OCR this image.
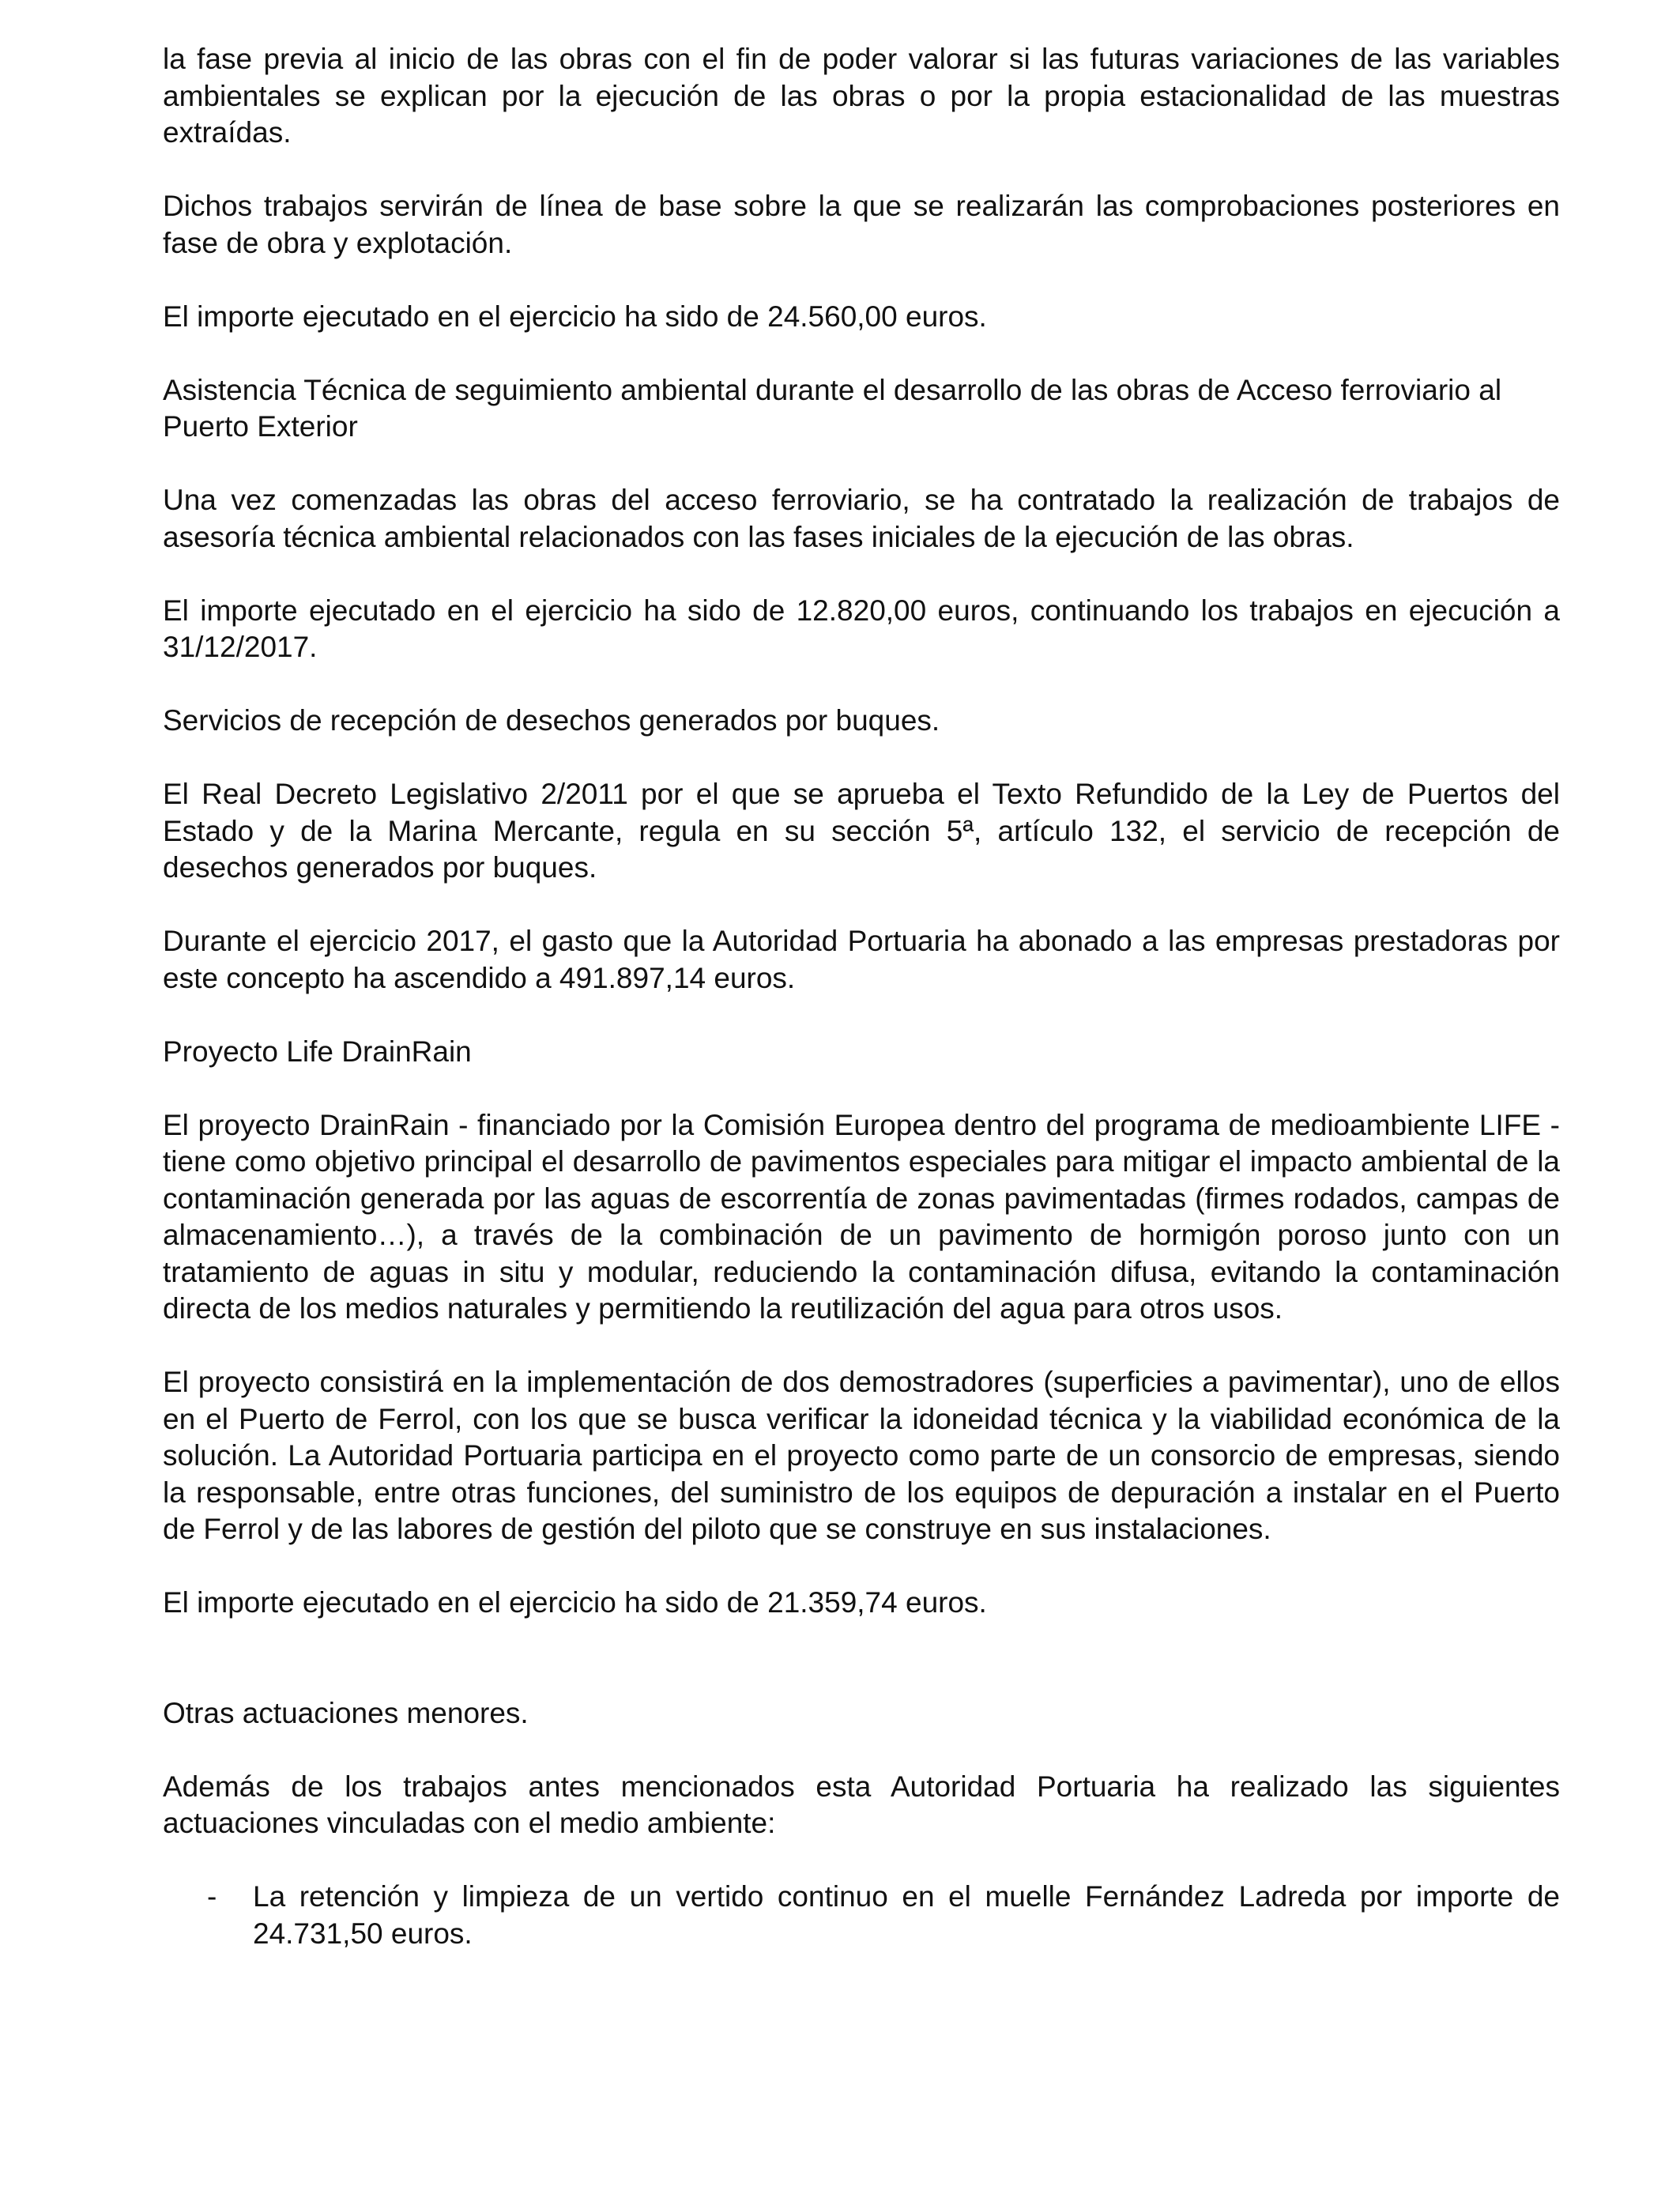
la fase previa al inicio de las obras con el fin de poder valorar si las futuras variaciones de las variables ambientales se explican por la ejecución de las obras o por la propia estacionalidad de las muestras extraídas.

Dichos trabajos servirán de línea de base sobre la que se realizarán las comprobaciones posteriores en fase de obra y explotación.

El importe ejecutado en el ejercicio ha sido de 24.560,00 euros.

Asistencia Técnica de seguimiento ambiental durante el desarrollo de las obras de Acceso ferroviario al Puerto Exterior

Una vez comenzadas las obras del acceso ferroviario, se ha contratado la realización de trabajos de asesoría técnica ambiental relacionados con las fases iniciales de la ejecución de las obras.

El importe ejecutado en el ejercicio ha sido de 12.820,00 euros, continuando los trabajos en ejecución a 31/12/2017.

Servicios de recepción de desechos generados por buques.

El Real Decreto Legislativo 2/2011 por el que se aprueba el Texto Refundido de la Ley de Puertos del Estado y de la Marina Mercante, regula en su sección 5ª, artículo 132, el servicio de recepción de desechos generados por buques.

Durante el ejercicio 2017, el gasto que la Autoridad Portuaria ha abonado a las empresas prestadoras por este concepto ha ascendido a 491.897,14 euros.

Proyecto Life DrainRain

El proyecto DrainRain - financiado por la Comisión Europea dentro del programa de medioambiente LIFE - tiene como objetivo principal el desarrollo de pavimentos especiales para mitigar el impacto ambiental de la contaminación generada por las aguas de escorrentía de zonas pavimentadas (firmes rodados, campas de almacenamiento…), a través de la combinación de un pavimento de hormigón poroso junto con un tratamiento de aguas in situ y modular, reduciendo la contaminación difusa, evitando la contaminación directa de los medios naturales y permitiendo la reutilización del agua para otros usos.

El proyecto consistirá en la implementación de dos demostradores (superficies a pavimentar), uno de ellos en el Puerto de Ferrol, con los que se busca verificar la idoneidad técnica y la viabilidad económica de la solución. La Autoridad Portuaria participa en el proyecto como parte de un consorcio de empresas, siendo la responsable, entre otras funciones, del suministro de los equipos de depuración a instalar en el Puerto de Ferrol y de las labores de gestión del piloto que se construye en sus instalaciones.

El importe ejecutado en el ejercicio ha sido de 21.359,74 euros.

Otras actuaciones menores.

Además de los trabajos antes mencionados esta Autoridad Portuaria ha realizado las siguientes actuaciones vinculadas con el medio ambiente:

- La retención y limpieza de un vertido continuo en el muelle Fernández Ladreda por importe de 24.731,50 euros.
